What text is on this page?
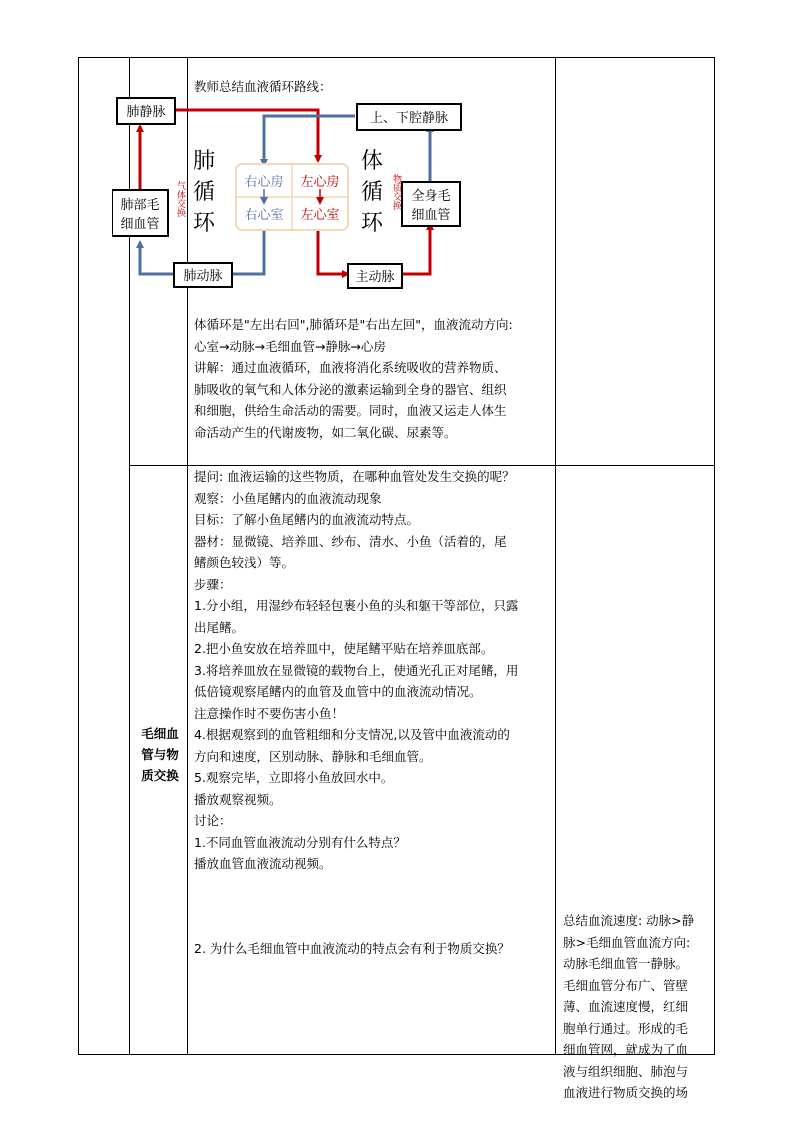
教师总结血液循环路线：
体循环是"左出右回",肺循环是"右出左回"，血液流动方向:
心室→动脉→毛细血管→静脉→心房
讲解：通过血液循环，血液将消化系统吸收的营养物质、
肺吸收的氧气和人体分泌的激素运输到全身的器官、组织
和细胞，供给生命活动的需要。同时，血液又运走人体生
命活动产生的代谢废物，如二氧化碳、尿素等。
毛细血
管与物
质交换
提问: 血液运输的这些物质，在哪种血管处发生交换的呢？
观察：小鱼尾鳍内的血液流动现象
目标：了解小鱼尾鳍内的血液流动特点。
器材：显微镜、培养皿、纱布、清水、小鱼（活着的，尾
鳍颜色较浅）等。
步骤：
1.分小组，用湿纱布轻轻包裹小鱼的头和躯干等部位，只露
出尾鳍。
2.把小鱼安放在培养皿中，使尾鳍平贴在培养皿底部。
3.将培养皿放在显微镜的载物台上，使通光孔正对尾鳍，用
低倍镜观察尾鳍内的血管及血管中的血液流动情况。
注意操作时不要伤害小鱼！
4.根据观察到的血管粗细和分支情况,以及管中血液流动的
方向和速度，区别动脉、静脉和毛细血管。
5.观察完毕，立即将小鱼放回水中。
播放观察视频。
讨论：
1.不同血管血液流动分别有什么特点？
播放血管血液流动视频。
2. 为什么毛细血管中血液流动的特点会有利于物质交换？
总结血流速度: 动脉>静
脉>毛细血管血流方向:
动脉毛细血管一静脉。
毛细血管分布广、管壁
薄、血流速度慢，红细
胞单行通过。形成的毛
细血管网，就成为了血
液与组织细胞、肺泡与
血液进行物质交换的场
肺静脉	上、下腔静脉
肺部毛
细血管
全身毛
细血管
肺动脉	主动脉
右心房 左心房
右心室 左心室
肺
循
环
体
循
环
气体交换	物质交换
